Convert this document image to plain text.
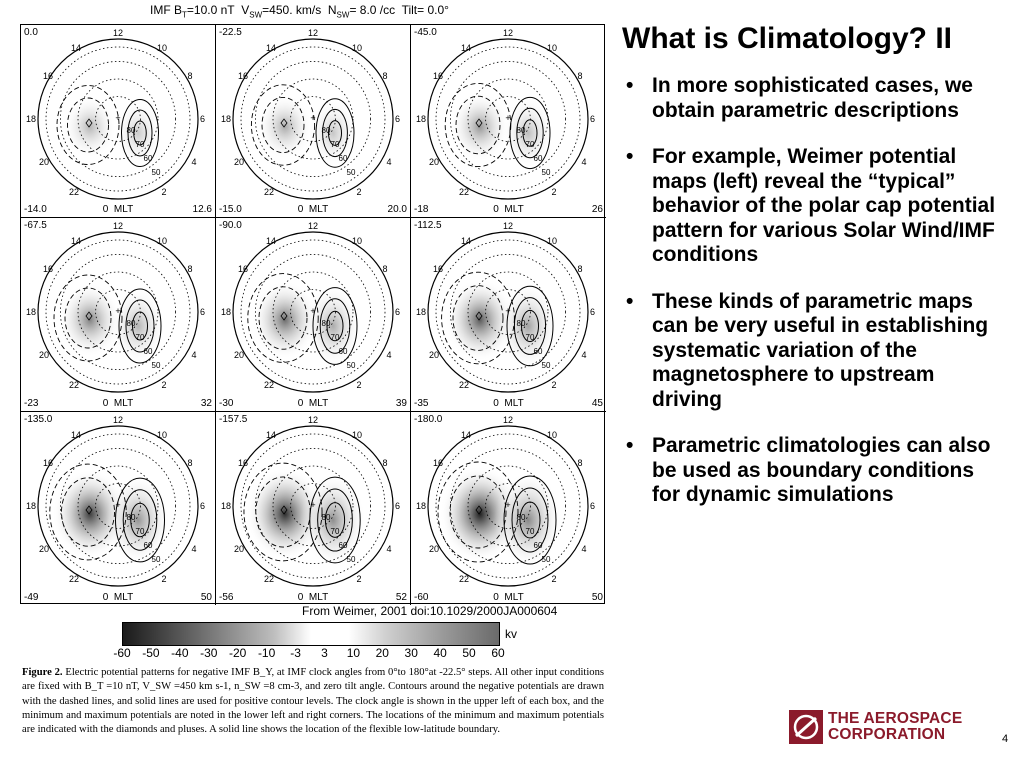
IMF $B_T=10.0$ nT $V_{SW}=450$. km/s $N_{SW}= 8.0$ /cc Tilt= 0.0°
12
18	6
14
16
10
8
20
22
4
2
80
70
60
50
+
0.0
-14.0	0 MLT	12.6
12
18	6
14
16
10
8
20
22
4
2
80
70
60
50
+
-22.5
-15.0	0 MLT	20.0
12
18	6
14
16
10
8
20
22
4
2
80
70
60
50
+
-45.0
-18	0 MLT	26
12
18	6
14
16
10
8
20
22
4
2
80
70
60
50
+
-67.5
-23	0 MLT	32
12
18	6
14
16
10
8
20
22
4
2
80
70
60
50
+
-90.0
-30	0 MLT	39
12
18	6
14
16
10
8
20
22
4
2
80
70
60
50
+
-112.5
-35	0 MLT	45
12
18	6
14
16
10
8
20
22
4
2
80
70
60
50
+
-135.0
-49	0 MLT	50
12
18	6
14
16
10
8
20
22
4
2
80
70
60
50
+
-157.5
-56	0 MLT	52
12
18	6
14
16
10
8
20
22
4
2
80
70
60
50
+
-180.0
-60	0 MLT	50
From Weimer, 2001 doi:10.1029/2000JA000604
kv
-60 -50 -40 -30 -20 -10 -3 3 10 20 30 40 50 60
Figure 2. Electric potential patterns for negative IMF B_Y, at IMF clock angles from 0°to 180°at -22.5° steps. All other input conditions are fixed with B_T =10 nT, V_SW =450 km s-1, n_SW =8 cm-3, and zero tilt angle. Contours around the negative potentials are drawn with the dashed lines, and solid lines are used for positive contour levels. The clock angle is shown in the upper left of each box, and the minimum and maximum potentials are noted in the lower left and right corners. The locations of the minimum and maximum potentials are indicated with the diamonds and pluses. A solid line shows the location of the flexible low-latitude boundary.
What is Climatology? II
• In more sophisticated cases, we obtain parametric descriptions
• For example, Weimer potential maps (left) reveal the “typical” behavior of the polar cap potential pattern for various Solar Wind/IMF conditions
• These kinds of parametric maps can be very useful in establishing systematic variation of the magnetosphere to upstream driving
• Parametric climatologies can also be used as boundary conditions for dynamic simulations
THE AEROSPACE
CORPORATION	4
